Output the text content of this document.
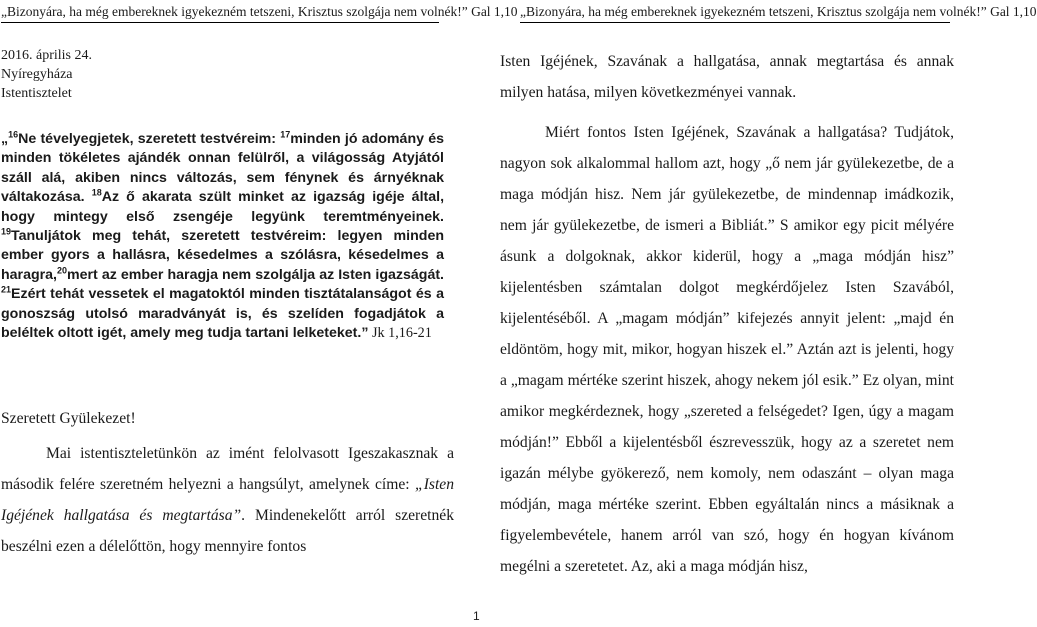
„Bizonyára, ha még embereknek igyekezném tetszeni, Krisztus szolgája nem volnék!” Gal 1,10 „Bizonyára, ha még embereknek igyekezném tetszeni, Krisztus szolgája nem volnék!” Gal 1,10
2016. április 24.
Nyíregyháza
Istentisztelet
„$^{16}$Ne tévelyegjetek, szeretett testvéreim: $^{17}$minden jó adomány és minden tökéletes ajándék onnan felülről, a világosság Atyjától száll alá, akiben nincs változás, sem fénynek és árnyéknak váltakozása. $^{18}$Az ő akarata szült minket az igazság igéje által, hogy mintegy első zsengéje legyünk teremtményeinek. $^{19}$Tanuljátok meg tehát, szeretett testvéreim: legyen minden ember gyors a hallásra, késedelmes a szólásra, késedelmes a haragra,$^{20}$mert az ember haragja nem szolgálja az Isten igazságát. $^{21}$Ezért tehát vessetek el magatoktól minden tisztátalanságot és a gonoszság utolsó maradványát is, és szelíden fogadjátok a beléltek oltott igét, amely meg tudja tartani lelketeket.” Jk 1,16-21
Szeretett Gyülekezet!

Mai istentiszteletünkön az imént felolvasott Igeszakasznak a második felére szeretném helyezni a hangsúlyt, amelynek címe: „Isten Igéjének hallgatása és megtartása”. Mindenekelőtt arról szeretnék beszélni ezen a délelőttön, hogy mennyire fontos

Isten Igéjének, Szavának a hallgatása, annak megtartása és annak milyen hatása, milyen következményei vannak.

Miért fontos Isten Igéjének, Szavának a hallgatása? Tudjátok, nagyon sok alkalommal hallom azt, hogy „ő nem jár gyülekezetbe, de a maga módján hisz. Nem jár gyülekezetbe, de mindennap imádkozik, nem jár gyülekezetbe, de ismeri a Bibliát.” S amikor egy picit mélyére ásunk a dolgoknak, akkor kiderül, hogy a „maga módján hisz” kijelentésben számtalan dolgot megkérdőjelez Isten Szavából, kijelentéséből. A „magam módján” kifejezés annyit jelent: „majd én eldöntöm, hogy mit, mikor, hogyan hiszek el.” Aztán azt is jelenti, hogy a „magam mértéke szerint hiszek, ahogy nekem jól esik.” Ez olyan, mint amikor megkérdeznek, hogy „szereted a felségedet? Igen, úgy a magam módján!” Ebből a kijelentésből észrevesszük, hogy az a szeretet nem igazán mélybe gyökerező, nem komoly, nem odaszánt – olyan maga módján, maga mértéke szerint. Ebben egyáltalán nincs a másiknak a figyelembevétele, hanem arról van szó, hogy én hogyan kívánom megélni a szeretetet. Az, aki a maga módján hisz,

1
